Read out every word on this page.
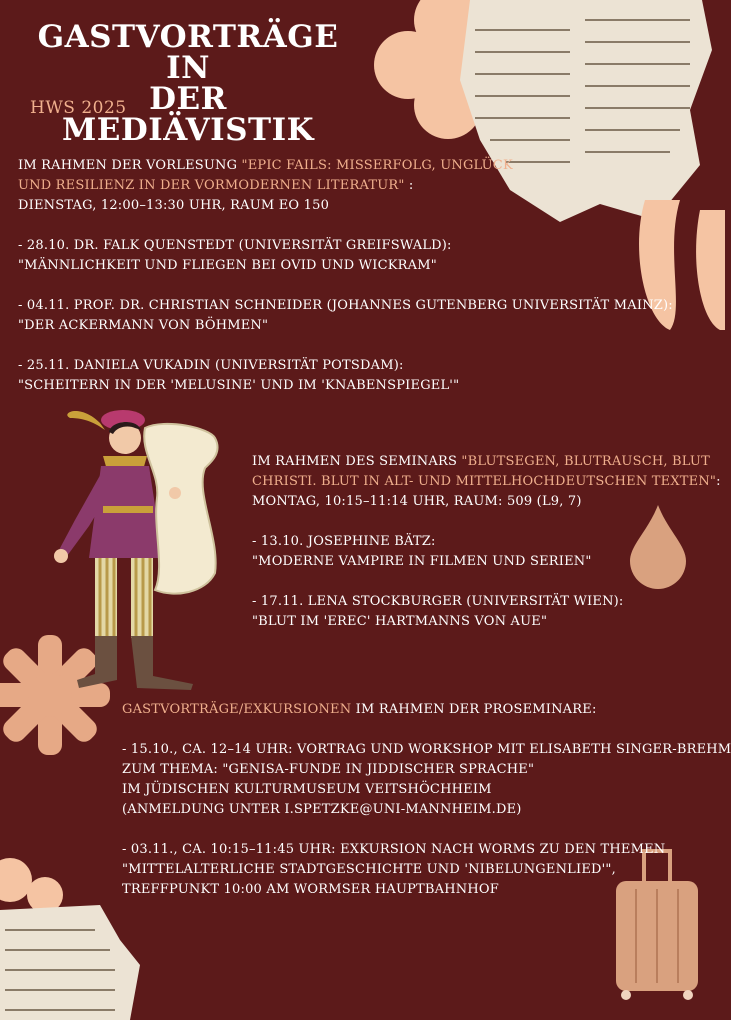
GASTVORTRÄGE IN
DER MEDIÄVISTIK
HWS 2025
IM RAHMEN DER VORLESUNG "EPIC FAILS: MISSERFOLG, UNGLÜCK
UND RESILIENZ IN DER VORMODERNEN LITERATUR" :
DIENSTAG, 12:00–13:30 UHR, RAUM EO 150
- 28.10. DR. FALK QUENSTEDT (UNIVERSITÄT GREIFSWALD):
"MÄNNLICHKEIT UND FLIEGEN BEI OVID UND WICKRAM"
- 04.11. PROF. DR. CHRISTIAN SCHNEIDER (JOHANNES GUTENBERG UNIVERSITÄT MAINZ):
"DER ACKERMANN VON BÖHMEN"
- 25.11. DANIELA VUKADIN (UNIVERSITÄT POTSDAM):
"SCHEITERN IN DER 'MELUSINE' UND IM 'KNABENSPIEGEL'"
IM RAHMEN DES SEMINARS "BLUTSEGEN, BLUTRAUSCH, BLUT
CHRISTI. BLUT IN ALT- UND MITTELHOCHDEUTSCHEN TEXTEN":
MONTAG, 10:15–11:14 UHR, RAUM: 509 (L9, 7)
- 13.10. JOSEPHINE BÄTZ:
"MODERNE VAMPIRE IN FILMEN UND SERIEN"
- 17.11. LENA STOCKBURGER (UNIVERSITÄT WIEN):
"BLUT IM 'EREC' HARTMANNS VON AUE"
GASTVORTRÄGE/EXKURSIONEN IM RAHMEN DER PROSEMINARE:
- 15.10., CA. 12–14 UHR: VORTRAG UND WORKSHOP MIT ELISABETH SINGER-BREHM
ZUM THEMA: "GENISA-FUNDE IN JIDDISCHER SPRACHE"
IM JÜDISCHEN KULTURMUSEUM VEITSHÖCHHEIM
(ANMELDUNG UNTER I.SPETZKE@UNI-MANNHEIM.DE)
- 03.11., CA. 10:15–11:45 UHR: EXKURSION NACH WORMS ZU DEN THEMEN
"MITTELALTERLICHE STADTGESCHICHTE UND 'NIBELUNGENLIED'",
TREFFPUNKT 10:00 AM WORMSER HAUPTBAHNHOF
